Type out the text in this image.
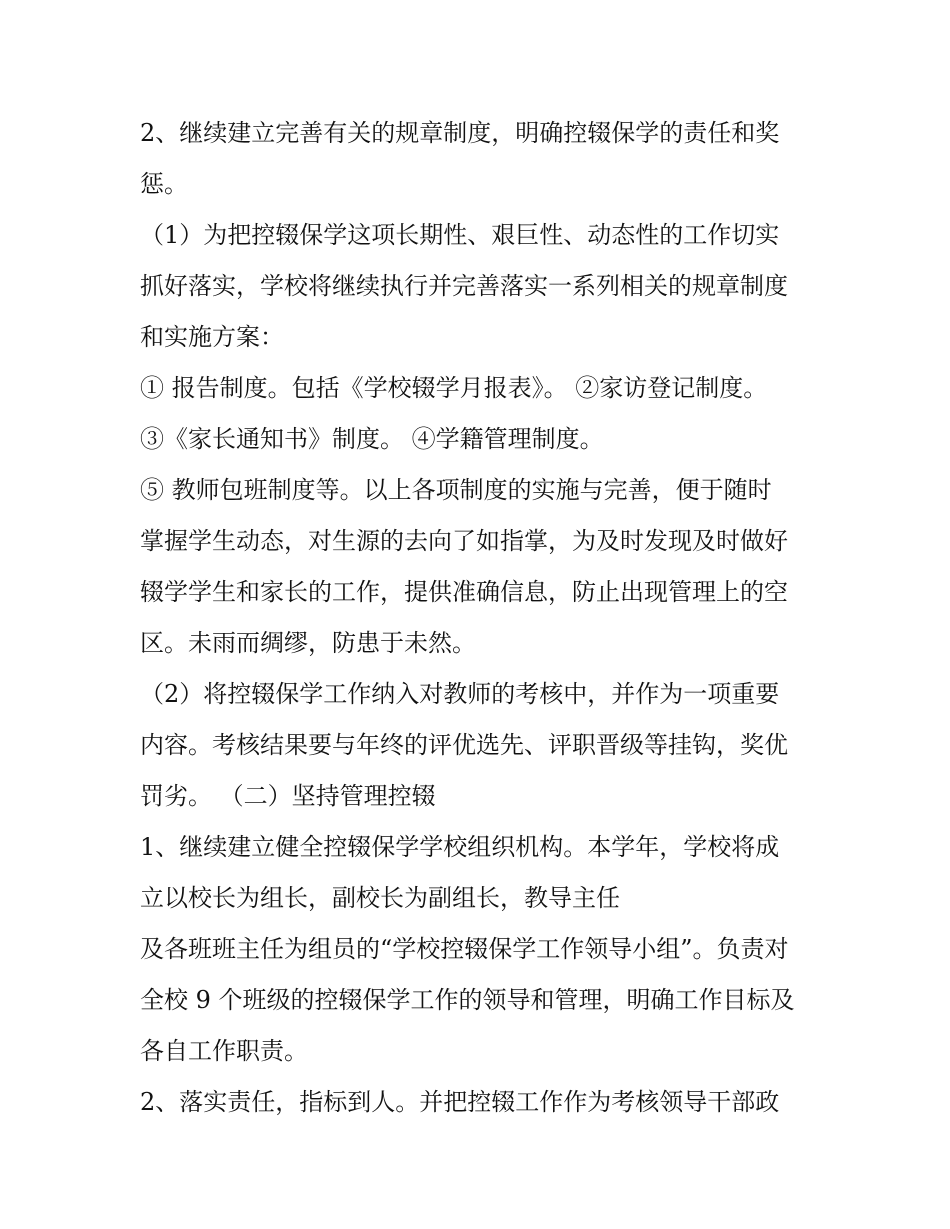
2、继续建立完善有关的规章制度，明确控辍保学的责任和奖
惩。
（1）为把控辍保学这项长期性、艰巨性、动态性的工作切实
抓好落实，学校将继续执行并完善落实一系列相关的规章制度
和实施方案：
① 报告制度。包括《学校辍学月报表》。 ②家访登记制度。
③《家长通知书》制度。 ④学籍管理制度。
⑤ 教师包班制度等。以上各项制度的实施与完善，便于随时
掌握学生动态，对生源的去向了如指掌，为及时发现及时做好
辍学学生和家长的工作，提供准确信息，防止出现管理上的空
区。未雨而绸缪，防患于未然。
（2）将控辍保学工作纳入对教师的考核中，并作为一项重要
内容。考核结果要与年终的评优选先、评职晋级等挂钩，奖优
罚劣。 （二）坚持管理控辍
1、继续建立健全控辍保学学校组织机构。本学年，学校将成
立以校长为组长，副校长为副组长，教导主任
及各班班主任为组员的“学校控辍保学工作领导小组”。负责对
全校 9 个班级的控辍保学工作的领导和管理，明确工作目标及
各自工作职责。
2、落实责任，指标到人。并把控辍工作作为考核领导干部政
